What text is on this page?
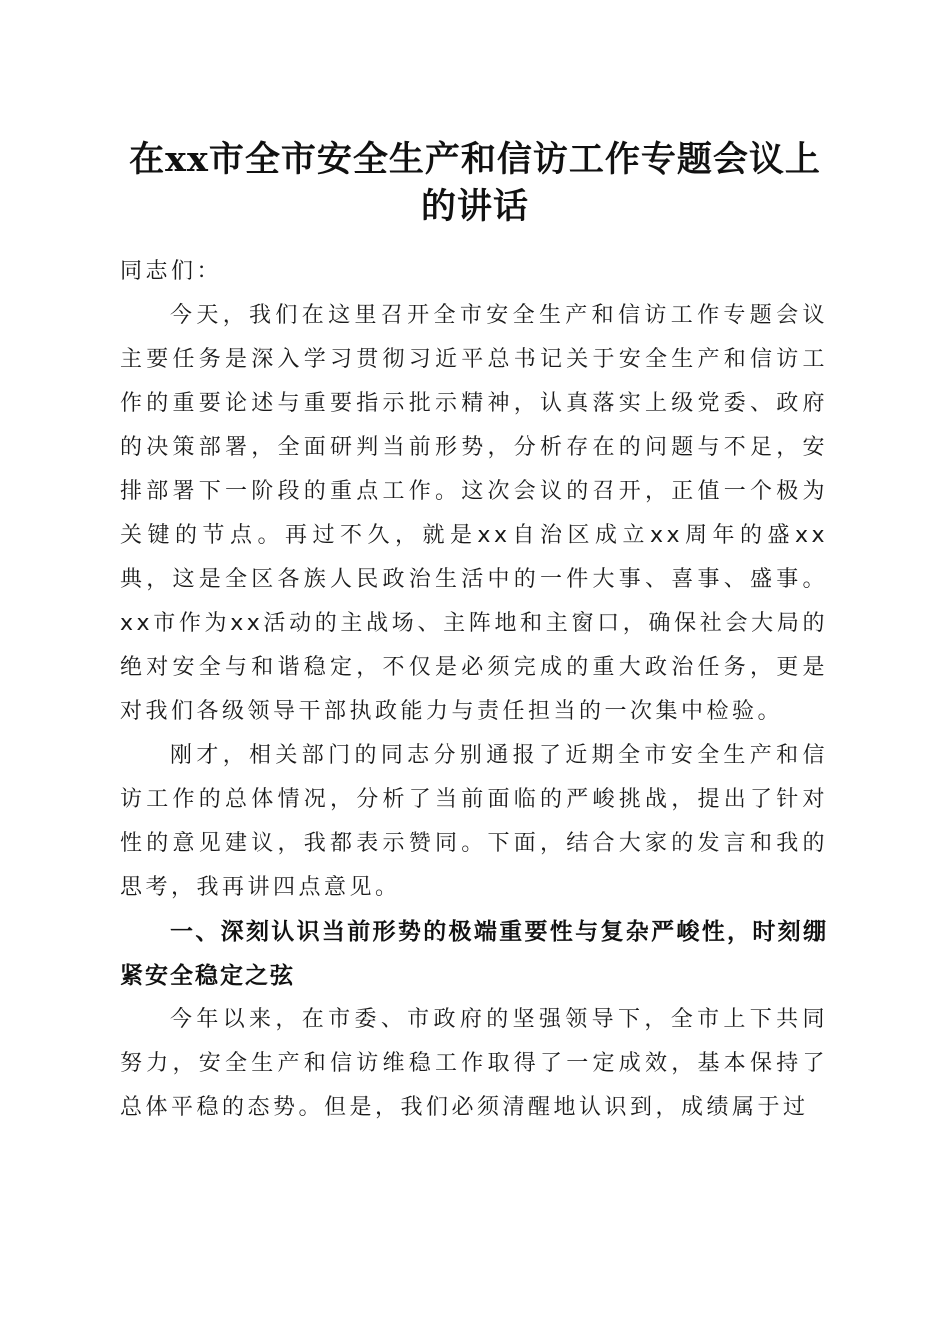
在xx市全市安全生产和信访工作专题会议上
的讲话

同志们：

今天，我们在这里召开全市安全生产和信访工作专题会议主要任务是深入学习贯彻习近平总书记关于安全生产和信访工作的重要论述与重要指示批示精神，认真落实上级党委、政府的决策部署，全面研判当前形势，分析存在的问题与不足，安排部署下一阶段的重点工作。这次会议的召开，正值一个极为关键的节点。再过不久，就是xx自治区成立xx周年的盛xx典，这是全区各族人民政治生活中的一件大事、喜事、盛事。xx市作为xx活动的主战场、主阵地和主窗口，确保社会大局的绝对安全与和谐稳定，不仅是必须完成的重大政治任务，更是对我们各级领导干部执政能力与责任担当的一次集中检验。

刚才，相关部门的同志分别通报了近期全市安全生产和信访工作的总体情况，分析了当前面临的严峻挑战，提出了针对性的意见建议，我都表示赞同。下面，结合大家的发言和我的思考，我再讲四点意见。

一、深刻认识当前形势的极端重要性与复杂严峻性，时刻绷紧安全稳定之弦

今年以来，在市委、市政府的坚强领导下，全市上下共同努力，安全生产和信访维稳工作取得了一定成效，基本保持了总体平稳的态势。但是，我们必须清醒地认识到，成绩属于过
